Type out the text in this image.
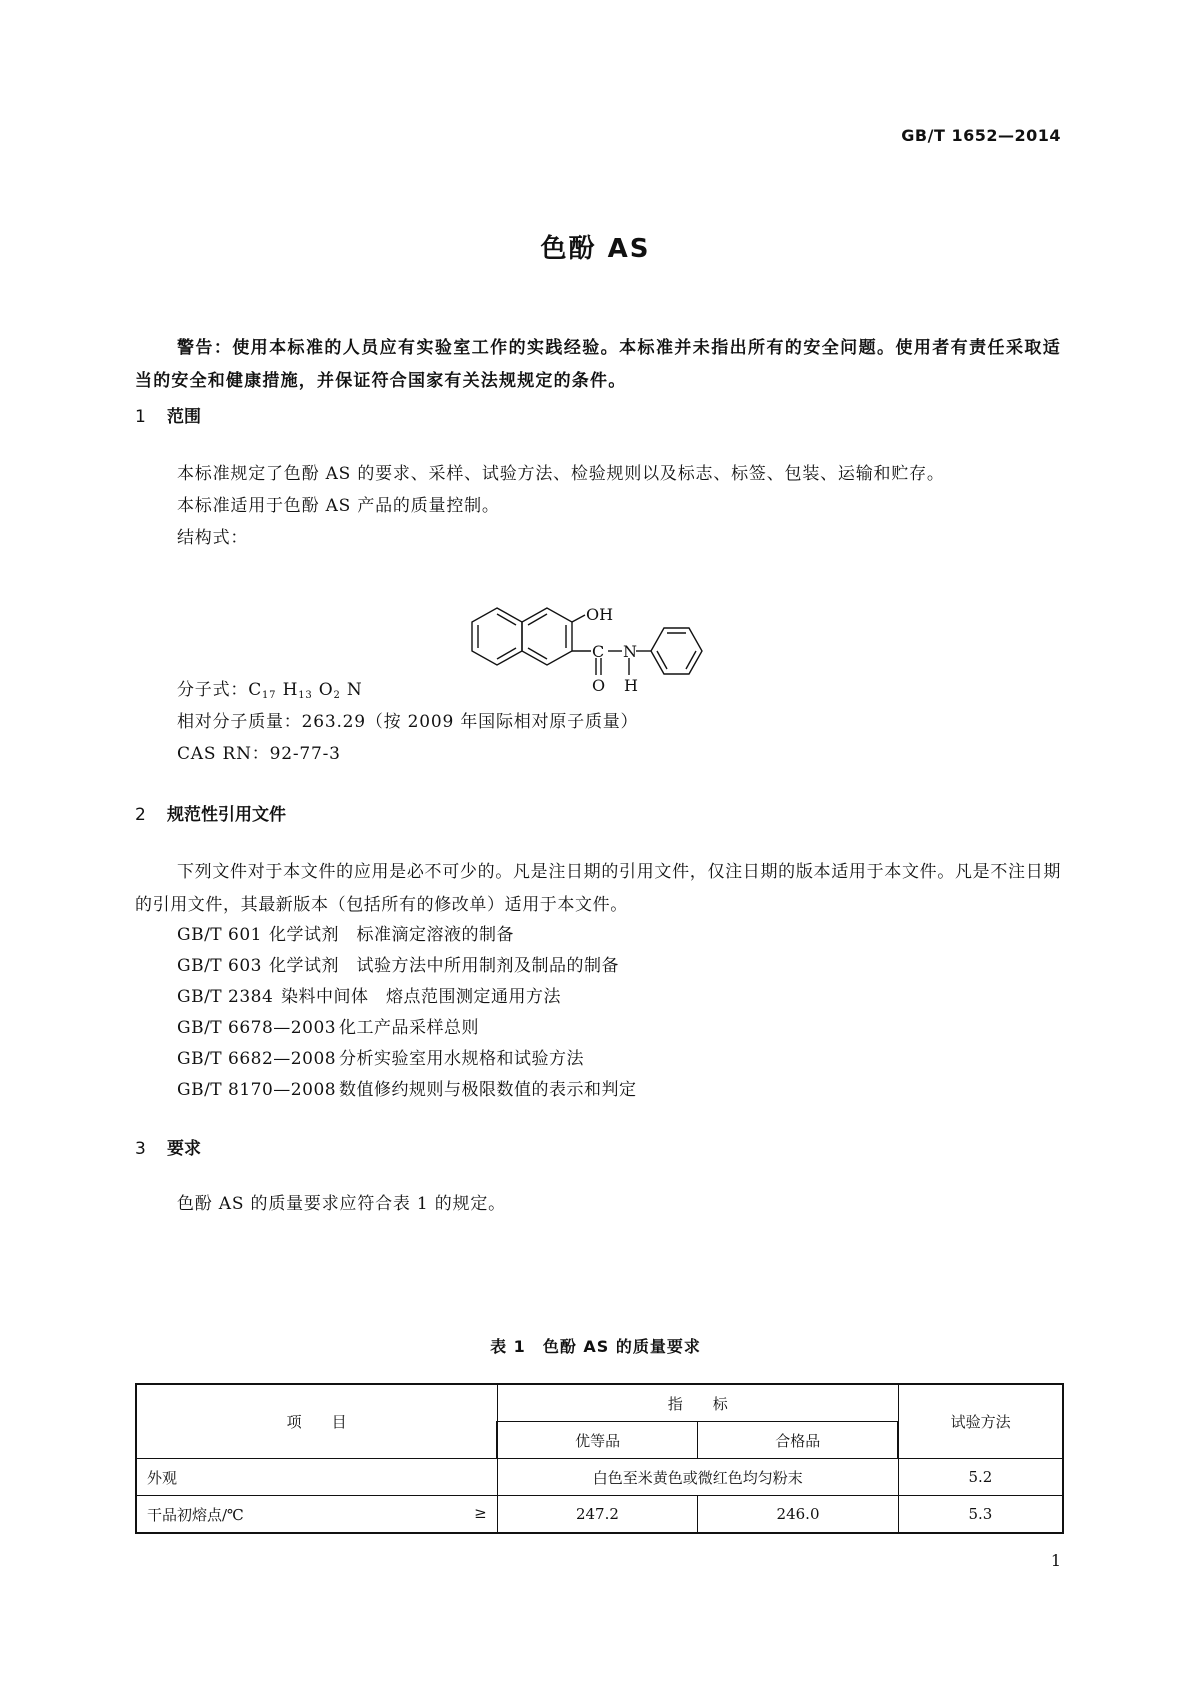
GB/T 1652—2014
色酚 AS
警告：使用本标准的人员应有实验室工作的实践经验。本标准并未指出所有的安全问题。使用者有责任采取适当的安全和健康措施，并保证符合国家有关法规规定的条件。
1 范围
本标准规定了色酚 AS 的要求、采样、试验方法、检验规则以及标志、标签、包装、运输和贮存。
本标准适用于色酚 AS 产品的质量控制。
结构式：
OH
C N
O H
分子式：$C_{17}$ $H_{13}$ $O_2$ N
相对分子质量：263.29（按 2009 年国际相对原子质量）
CAS RN：92-77-3
2 规范性引用文件
下列文件对于本文件的应用是必不可少的。凡是注日期的引用文件，仅注日期的版本适用于本文件。凡是不注日期的引用文件，其最新版本（包括所有的修改单）适用于本文件。
GB/T 601 化学试剂　标准滴定溶液的制备
GB/T 603 化学试剂　试验方法中所用制剂及制品的制备
GB/T 2384 染料中间体　熔点范围测定通用方法
GB/T 6678—2003 化工产品采样总则
GB/T 6682—2008 分析实验室用水规格和试验方法
GB/T 8170—2008 数值修约规则与极限数值的表示和判定
3 要求
色酚 AS 的质量要求应符合表 1 的规定。
表 1　色酚 AS 的质量要求
项　　目	指　　标		试验方法
	优等品	合格品	
外观	白色至米黄色或微红色均匀粉末		5.2
干品初熔点/℃ ≥	247.2	246.0	5.3
1
